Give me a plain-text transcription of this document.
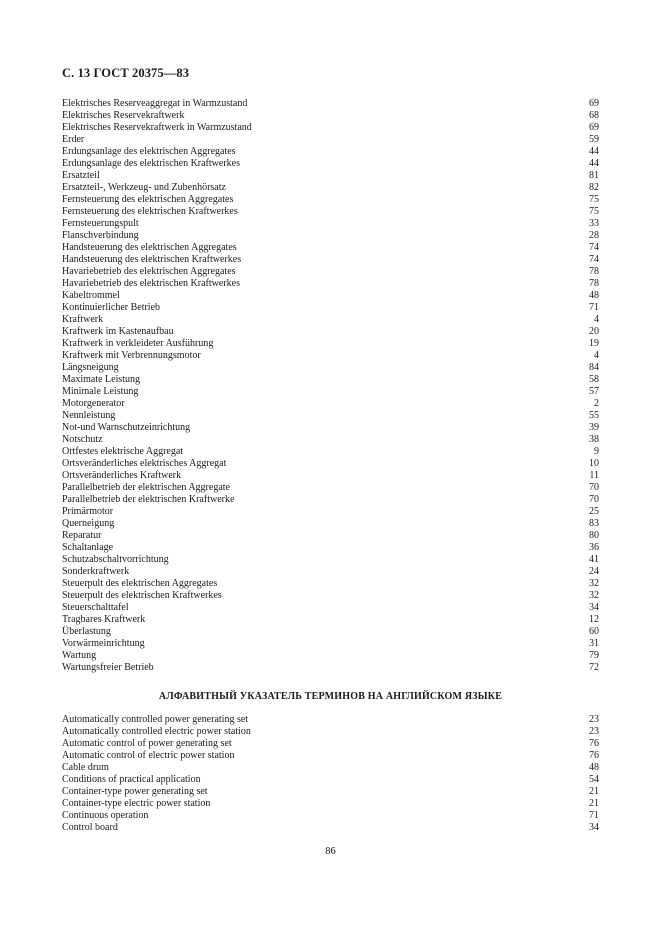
С. 13 ГОСТ 20375—83
Elektrisches Reserveaggregat in Warmzustand	69
Elektrisches Reservekraftwerk	68
Elektrisches Reservekraftwerk in Warmzustand	69
Erder	59
Erdungsanlage des elektrischen Aggregates	44
Erdungsanlage des elektrischen Kraftwerkes	44
Ersatzteil	81
Ersatzteil-, Werkzeug- und Zubenhörsatz	82
Fernsteuerung des elektrischen Aggregates	75
Fernsteuerung des elektrischen Kraftwerkes	75
Fernsteuerungspult	33
Flanschverbindung	28
Handsteuerung des elektrischen Aggregates	74
Handsteuerung des elektrischen Kraftwerkes	74
Havariebetrieb des elektrischen Aggregates	78
Havariebetrieb des elektrischen Kraftwerkes	78
Kabeltrommel	48
Kontinuierlicher Betrieb	71
Kraftwerk	4
Kraftwerk im Kastenaufbau	20
Kraftwerk in verkleideter Ausführung	19
Kraftwerk mit Verbrennungsmotor	4
Längsneigung	84
Maximate Leistung	58
Minimale Leistung	57
Motorgenerator	2
Nennleistung	55
Not-und Warnschutzeinrichtung	39
Notschutz	38
Ortfestes elektrische Aggregat	9
Ortsveränderliches elektrisches Aggregat	10
Ortsveränderliches Kraftwerk	11
Parallelbetrieb der elektrischen Aggregate	70
Parallelbetrieb der elektrischen Kraftwerke	70
Primärmotor	25
Querneigung	83
Reparatur	80
Schaltanlage	36
Schutzabschaltvorrichtung	41
Sonderkraftwerk	24
Steuerpult des elektrischen Aggregates	32
Steuerpult des elektrischen Kraftwerkes	32
Steuerschalttafel	34
Tragbares Kraftwerk	12
Überlastung	60
Vorwärmeinrichtung	31
Wartung	79
Wartungsfreier Betrieb	72
АЛФАВИТНЫЙ УКАЗАТЕЛЬ ТЕРМИНОВ НА АНГЛИЙСКОМ ЯЗЫКЕ
Automatically controlled power generating set	23
Automatically controlled electric power station	23
Automatic control of power generating set	76
Automatic control of electric power station	76
Cable drum	48
Conditions of practical application	54
Container-type power generating set	21
Container-type electric power station	21
Continuous operation	71
Control board	34
86
